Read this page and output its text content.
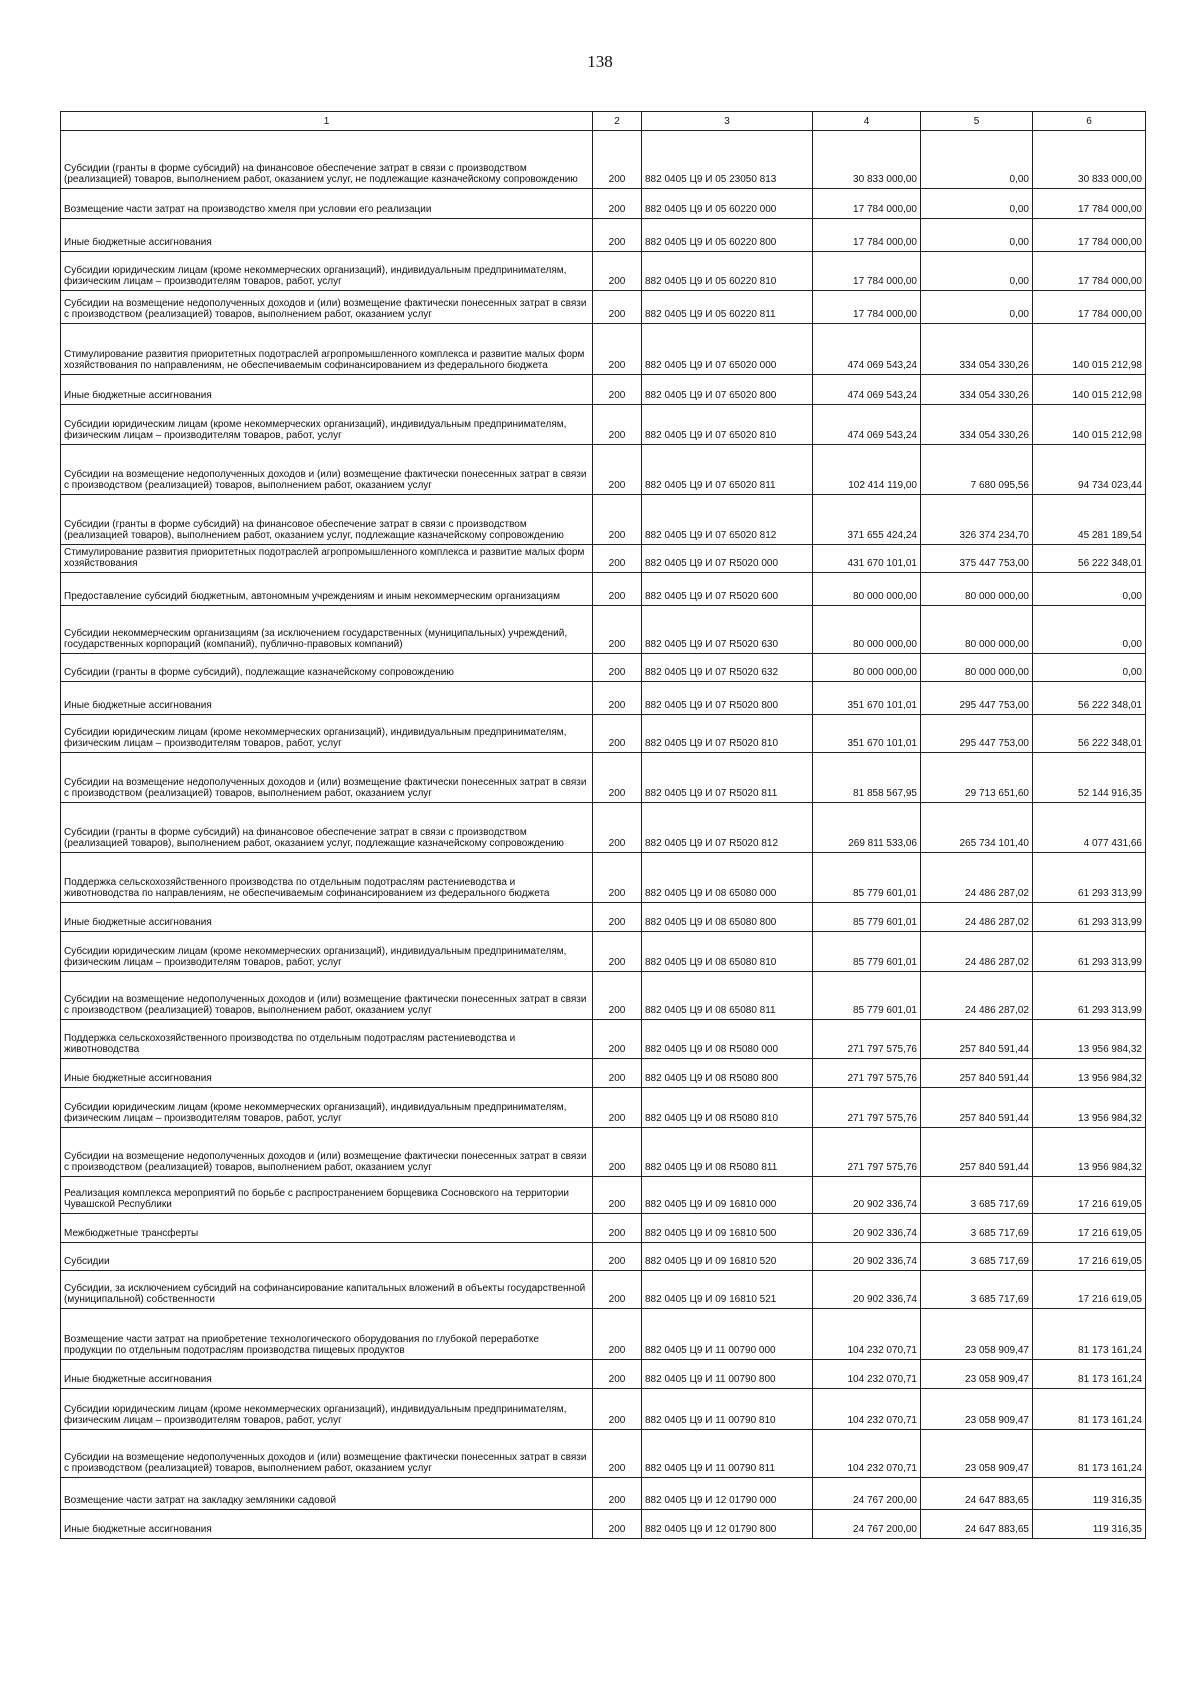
138
1	2	3	4	5	6
Субсидии (гранты в форме субсидий) на финансовое обеспечение затрат в связи с производством (реализацией) товаров, выполнением работ, оказанием услуг, не подлежащие казначейскому сопровождению	200	882 0405 Ц9 И 05 23050 813	30 833 000,00	0,00	30 833 000,00
Возмещение части затрат на производство хмеля при условии его реализации	200	882 0405 Ц9 И 05 60220 000	17 784 000,00	0,00	17 784 000,00
Иные бюджетные ассигнования	200	882 0405 Ц9 И 05 60220 800	17 784 000,00	0,00	17 784 000,00
Субсидии юридическим лицам (кроме некоммерческих организаций), индивидуальным предпринимателям, физическим лицам – производителям товаров, работ, услуг	200	882 0405 Ц9 И 05 60220 810	17 784 000,00	0,00	17 784 000,00
Субсидии на возмещение недополученных доходов и (или) возмещение фактически понесенных затрат в связи с производством (реализацией) товаров, выполнением работ, оказанием услуг	200	882 0405 Ц9 И 05 60220 811	17 784 000,00	0,00	17 784 000,00
Стимулирование развития приоритетных подотраслей агропромышленного комплекса и развитие малых форм хозяйствования по направлениям, не обеспечиваемым софинансированием из федерального бюджета	200	882 0405 Ц9 И 07 65020 000	474 069 543,24	334 054 330,26	140 015 212,98
Иные бюджетные ассигнования	200	882 0405 Ц9 И 07 65020 800	474 069 543,24	334 054 330,26	140 015 212,98
Субсидии юридическим лицам (кроме некоммерческих организаций), индивидуальным предпринимателям, физическим лицам – производителям товаров, работ, услуг	200	882 0405 Ц9 И 07 65020 810	474 069 543,24	334 054 330,26	140 015 212,98
Субсидии на возмещение недополученных доходов и (или) возмещение фактически понесенных затрат в связи с производством (реализацией) товаров, выполнением работ, оказанием услуг	200	882 0405 Ц9 И 07 65020 811	102 414 119,00	7 680 095,56	94 734 023,44
Субсидии (гранты в форме субсидий) на финансовое обеспечение затрат в связи с производством (реализацией товаров), выполнением работ, оказанием услуг, подлежащие казначейскому сопровождению	200	882 0405 Ц9 И 07 65020 812	371 655 424,24	326 374 234,70	45 281 189,54
Стимулирование развития приоритетных подотраслей агропромышленного комплекса и развитие малых форм хозяйствования	200	882 0405 Ц9 И 07 R5020 000	431 670 101,01	375 447 753,00	56 222 348,01
Предоставление субсидий бюджетным, автономным учреждениям и иным некоммерческим организациям	200	882 0405 Ц9 И 07 R5020 600	80 000 000,00	80 000 000,00	0,00
Субсидии некоммерческим организациям (за исключением государственных (муниципальных) учреждений, государственных корпораций (компаний), публично-правовых компаний)	200	882 0405 Ц9 И 07 R5020 630	80 000 000,00	80 000 000,00	0,00
Субсидии (гранты в форме субсидий), подлежащие казначейскому сопровождению	200	882 0405 Ц9 И 07 R5020 632	80 000 000,00	80 000 000,00	0,00
Иные бюджетные ассигнования	200	882 0405 Ц9 И 07 R5020 800	351 670 101,01	295 447 753,00	56 222 348,01
Субсидии юридическим лицам (кроме некоммерческих организаций), индивидуальным предпринимателям, физическим лицам – производителям товаров, работ, услуг	200	882 0405 Ц9 И 07 R5020 810	351 670 101,01	295 447 753,00	56 222 348,01
Субсидии на возмещение недополученных доходов и (или) возмещение фактически понесенных затрат в связи с производством (реализацией) товаров, выполнением работ, оказанием услуг	200	882 0405 Ц9 И 07 R5020 811	81 858 567,95	29 713 651,60	52 144 916,35
Субсидии (гранты в форме субсидий) на финансовое обеспечение затрат в связи с производством (реализацией товаров), выполнением работ, оказанием услуг, подлежащие казначейскому сопровождению	200	882 0405 Ц9 И 07 R5020 812	269 811 533,06	265 734 101,40	4 077 431,66
Поддержка сельскохозяйственного производства по отдельным подотраслям растениеводства и животноводства по направлениям, не обеспечиваемым софинансированием из федерального бюджета	200	882 0405 Ц9 И 08 65080 000	85 779 601,01	24 486 287,02	61 293 313,99
Иные бюджетные ассигнования	200	882 0405 Ц9 И 08 65080 800	85 779 601,01	24 486 287,02	61 293 313,99
Субсидии юридическим лицам (кроме некоммерческих организаций), индивидуальным предпринимателям, физическим лицам – производителям товаров, работ, услуг	200	882 0405 Ц9 И 08 65080 810	85 779 601,01	24 486 287,02	61 293 313,99
Субсидии на возмещение недополученных доходов и (или) возмещение фактически понесенных затрат в связи с производством (реализацией) товаров, выполнением работ, оказанием услуг	200	882 0405 Ц9 И 08 65080 811	85 779 601,01	24 486 287,02	61 293 313,99
Поддержка сельскохозяйственного производства по отдельным подотраслям растениеводства и животноводства	200	882 0405 Ц9 И 08 R5080 000	271 797 575,76	257 840 591,44	13 956 984,32
Иные бюджетные ассигнования	200	882 0405 Ц9 И 08 R5080 800	271 797 575,76	257 840 591,44	13 956 984,32
Субсидии юридическим лицам (кроме некоммерческих организаций), индивидуальным предпринимателям, физическим лицам – производителям товаров, работ, услуг	200	882 0405 Ц9 И 08 R5080 810	271 797 575,76	257 840 591,44	13 956 984,32
Субсидии на возмещение недополученных доходов и (или) возмещение фактически понесенных затрат в связи с производством (реализацией) товаров, выполнением работ, оказанием услуг	200	882 0405 Ц9 И 08 R5080 811	271 797 575,76	257 840 591,44	13 956 984,32
Реализация комплекса мероприятий по борьбе с распространением борщевика Сосновского на территории Чувашской Республики	200	882 0405 Ц9 И 09 16810 000	20 902 336,74	3 685 717,69	17 216 619,05
Межбюджетные трансферты	200	882 0405 Ц9 И 09 16810 500	20 902 336,74	3 685 717,69	17 216 619,05
Субсидии	200	882 0405 Ц9 И 09 16810 520	20 902 336,74	3 685 717,69	17 216 619,05
Субсидии, за исключением субсидий на софинансирование капитальных вложений в объекты государственной (муниципальной) собственности	200	882 0405 Ц9 И 09 16810 521	20 902 336,74	3 685 717,69	17 216 619,05
Возмещение части затрат на приобретение технологического оборудования по глубокой переработке продукции по отдельным подотраслям производства пищевых продуктов	200	882 0405 Ц9 И 11 00790 000	104 232 070,71	23 058 909,47	81 173 161,24
Иные бюджетные ассигнования	200	882 0405 Ц9 И 11 00790 800	104 232 070,71	23 058 909,47	81 173 161,24
Субсидии юридическим лицам (кроме некоммерческих организаций), индивидуальным предпринимателям, физическим лицам – производителям товаров, работ, услуг	200	882 0405 Ц9 И 11 00790 810	104 232 070,71	23 058 909,47	81 173 161,24
Субсидии на возмещение недополученных доходов и (или) возмещение фактически понесенных затрат в связи с производством (реализацией) товаров, выполнением работ, оказанием услуг	200	882 0405 Ц9 И 11 00790 811	104 232 070,71	23 058 909,47	81 173 161,24
Возмещение части затрат на закладку земляники садовой	200	882 0405 Ц9 И 12 01790 000	24 767 200,00	24 647 883,65	119 316,35
Иные бюджетные ассигнования	200	882 0405 Ц9 И 12 01790 800	24 767 200,00	24 647 883,65	119 316,35
